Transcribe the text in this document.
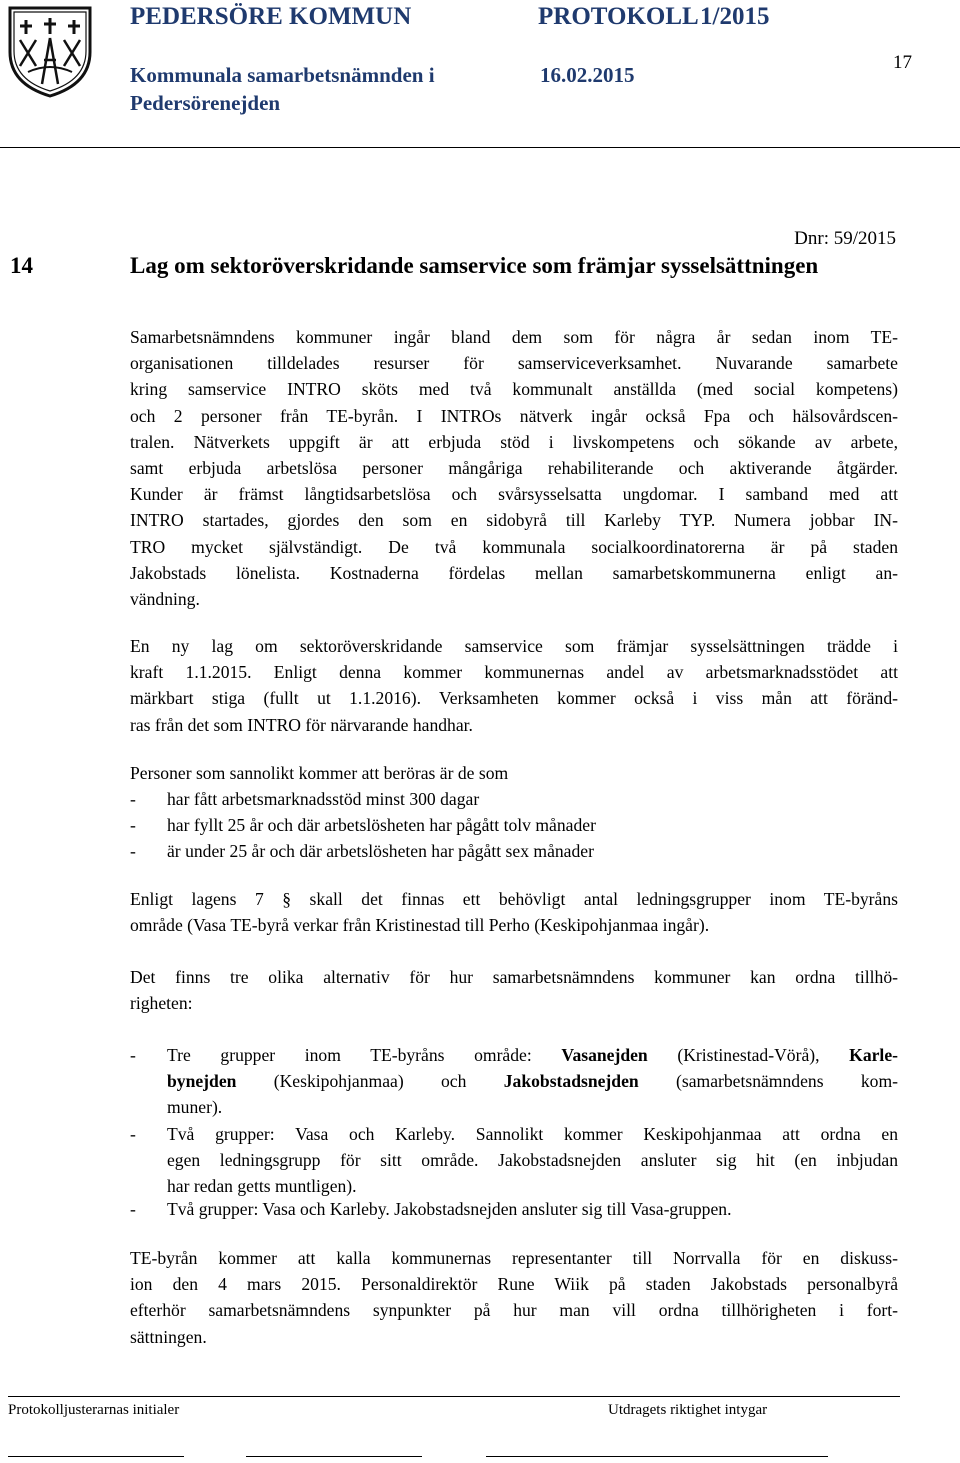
PEDERSÖRE KOMMUN	PROTOKOLL 1/2015
Kommunala samarbetsnämnden i
Pedersörenejden
16.02.2015
17
Dnr: 59/2015
14	Lag om sektoröverskridande samservice som främjar sysselsättningen
Samarbetsnämndens kommuner ingår bland dem som för några år sedan inom TE-
organisationen tilldelades resurser för samserviceverksamhet. Nuvarande samarbete
kring samservice INTRO sköts med två kommunalt anställda (med social kompetens)
och 2 personer från TE-byrån. I INTROs nätverk ingår också Fpa och hälsovårdscen-
tralen. Nätverkets uppgift är att erbjuda stöd i livskompetens och sökande av arbete,
samt erbjuda arbetslösa personer mångåriga rehabiliterande och aktiverande åtgärder.
Kunder är främst långtidsarbetslösa och svårsysselsatta ungdomar. I samband med att
INTRO startades, gjordes den som en sidobyrå till Karleby TYP. Numera jobbar IN-
TRO mycket självständigt. De två kommunala socialkoordinatorerna är på staden
Jakobstads lönelista. Kostnaderna fördelas mellan samarbetskommunerna enligt an-
vändning.
En ny lag om sektoröverskridande samservice som främjar sysselsättningen trädde i
kraft 1.1.2015. Enligt denna kommer kommunernas andel av arbetsmarknadsstödet att
märkbart stiga (fullt ut 1.1.2016). Verksamheten kommer också i viss mån att föränd-
ras från det som INTRO för närvarande handhar.
Personer som sannolikt kommer att beröras är de som
- har fått arbetsmarknadsstöd minst 300 dagar
- har fyllt 25 år och där arbetslösheten har pågått tolv månader
- är under 25 år och där arbetslösheten har pågått sex månader
Enligt lagens 7 § skall det finnas ett behövligt antal ledningsgrupper inom TE-byråns
område (Vasa TE-byrå verkar från Kristinestad till Perho (Keskipohjanmaa ingår).
Det finns tre olika alternativ för hur samarbetsnämndens kommuner kan ordna tillhö-
righeten:
- Tre grupper inom TE-byråns område: Vasanejden (Kristinestad-Vörå), Karle-
bynejden (Keskipohjanmaa) och Jakobstadsnejden (samarbetsnämndens kom-
muner).
- Två grupper: Vasa och Karleby. Sannolikt kommer Keskipohjanmaa att ordna en
egen ledningsgrupp för sitt område. Jakobstadsnejden ansluter sig hit (en inbjudan
har redan getts muntligen).
- Två grupper: Vasa och Karleby. Jakobstadsnejden ansluter sig till Vasa-gruppen.
TE-byrån kommer att kalla kommunernas representanter till Norrvalla för en diskuss-
ion den 4 mars 2015. Personaldirektör Rune Wiik på staden Jakobstads personalbyrå
efterhör samarbetsnämndens synpunkter på hur man vill ordna tillhörigheten i fort-
sättningen.
Protokolljusterarnas initialer	Utdragets riktighet intygar
